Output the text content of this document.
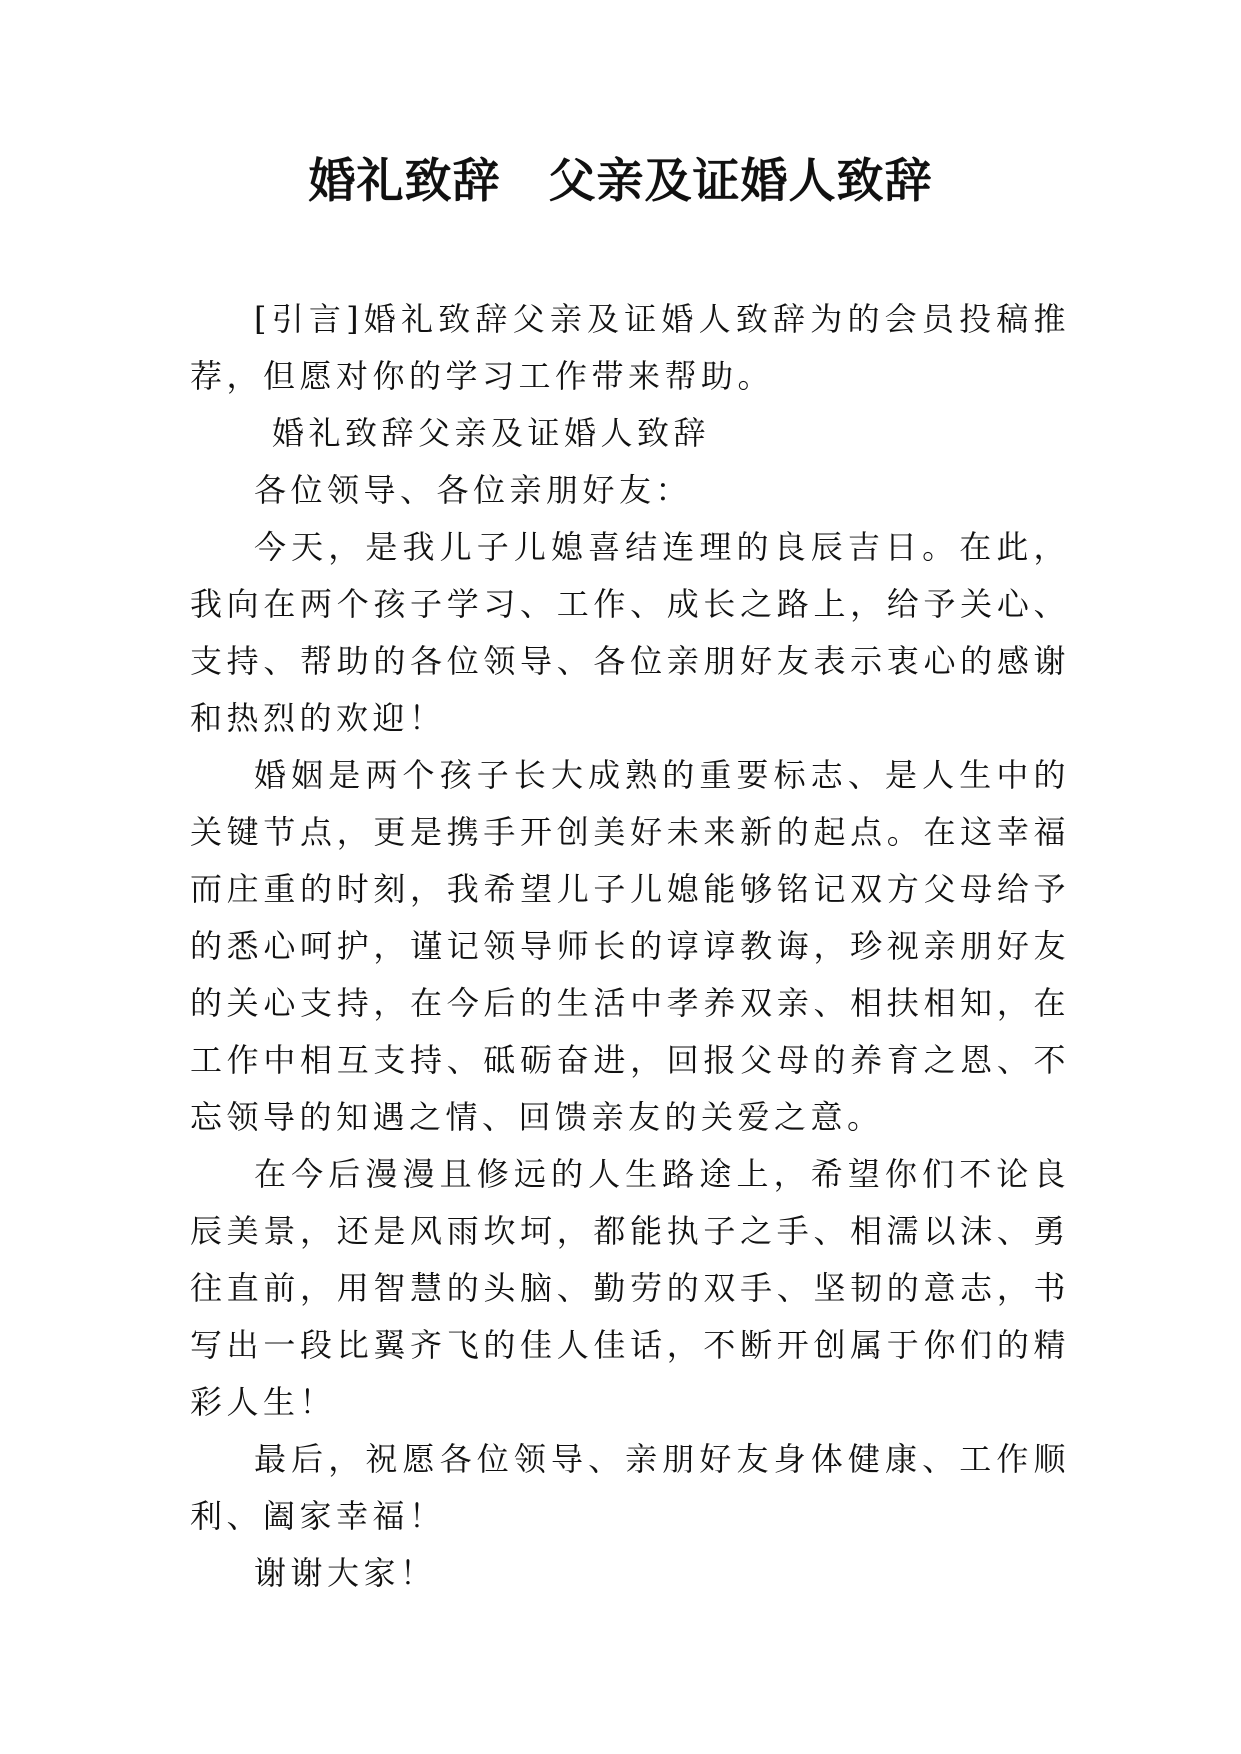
婚礼致辞　父亲及证婚人致辞

[引言]婚礼致辞父亲及证婚人致辞为的会员投稿推荐，但愿对你的学习工作带来帮助。

婚礼致辞父亲及证婚人致辞

各位领导、各位亲朋好友：

今天，是我儿子儿媳喜结连理的良辰吉日。在此，我向在两个孩子学习、工作、成长之路上，给予关心、支持、帮助的各位领导、各位亲朋好友表示衷心的感谢和热烈的欢迎！

婚姻是两个孩子长大成熟的重要标志、是人生中的关键节点，更是携手开创美好未来新的起点。在这幸福而庄重的时刻，我希望儿子儿媳能够铭记双方父母给予的悉心呵护，谨记领导师长的谆谆教诲，珍视亲朋好友的关心支持，在今后的生活中孝养双亲、相扶相知，在工作中相互支持、砥砺奋进，回报父母的养育之恩、不忘领导的知遇之情、回馈亲友的关爱之意。

在今后漫漫且修远的人生路途上，希望你们不论良辰美景，还是风雨坎坷，都能执子之手、相濡以沫、勇往直前，用智慧的头脑、勤劳的双手、坚韧的意志，书写出一段比翼齐飞的佳人佳话，不断开创属于你们的精彩人生！

最后，祝愿各位领导、亲朋好友身体健康、工作顺利、阖家幸福！

谢谢大家！
